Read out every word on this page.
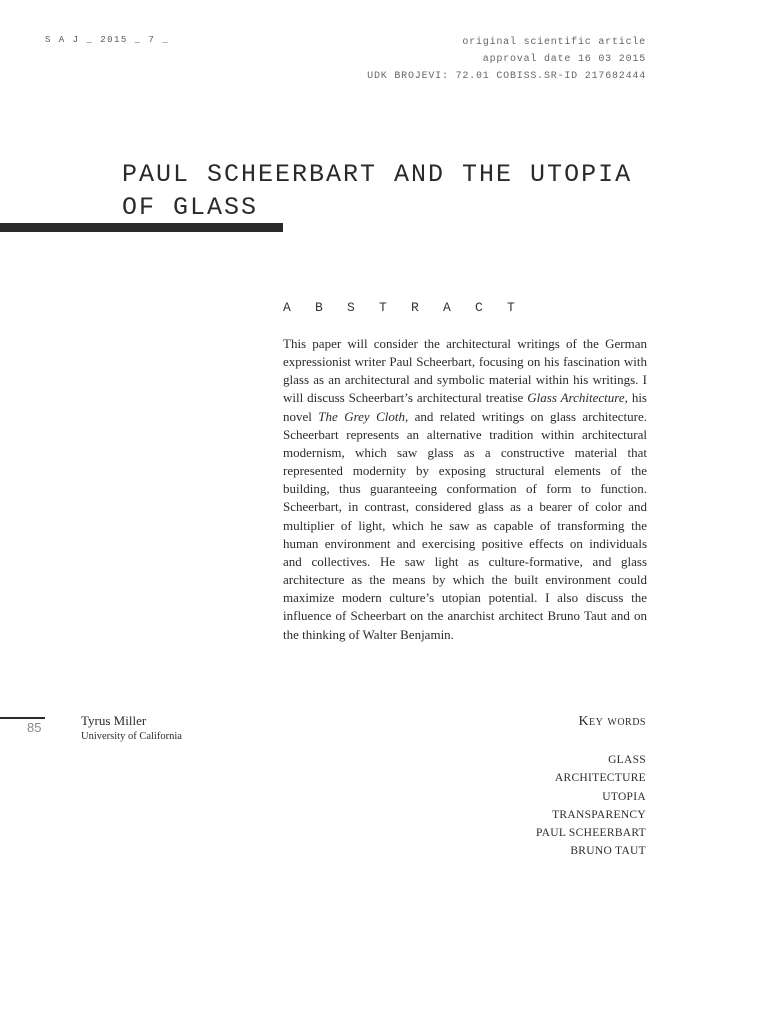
S A J _ 2015 _ 7 _	original scientific article
approval date 16 03 2015
UDK BROJEVI: 72.01 COBISS.SR-ID 217682444
PAUL SCHEERBART AND THE UTOPIA
OF GLASS
A B S T R A C T

This paper will consider the architectural writings of the German expressionist writer Paul Scheerbart, focusing on his fascination with glass as an architectural and symbolic material within his writings. I will discuss Scheerbart’s architectural treatise Glass Architecture, his novel The Grey Cloth, and related writings on glass architecture. Scheerbart represents an alternative tradition within architectural modernism, which saw glass as a constructive material that represented modernity by exposing structural elements of the building, thus guaranteeing conformation of form to function. Scheerbart, in contrast, considered glass as a bearer of color and multiplier of light, which he saw as capable of transforming the human environment and exercising positive effects on individuals and collectives. He saw light as culture-formative, and glass architecture as the means by which the built environment could maximize modern culture’s utopian potential. I also discuss the influence of Scheerbart on the anarchist architect Bruno Taut and on the thinking of Walter Benjamin.

85	Tyrus Miller
University of California
Key words
GLASS
ARCHITECTURE
UTOPIA
TRANSPARENCY
PAUL SCHEERBART
BRUNO TAUT
